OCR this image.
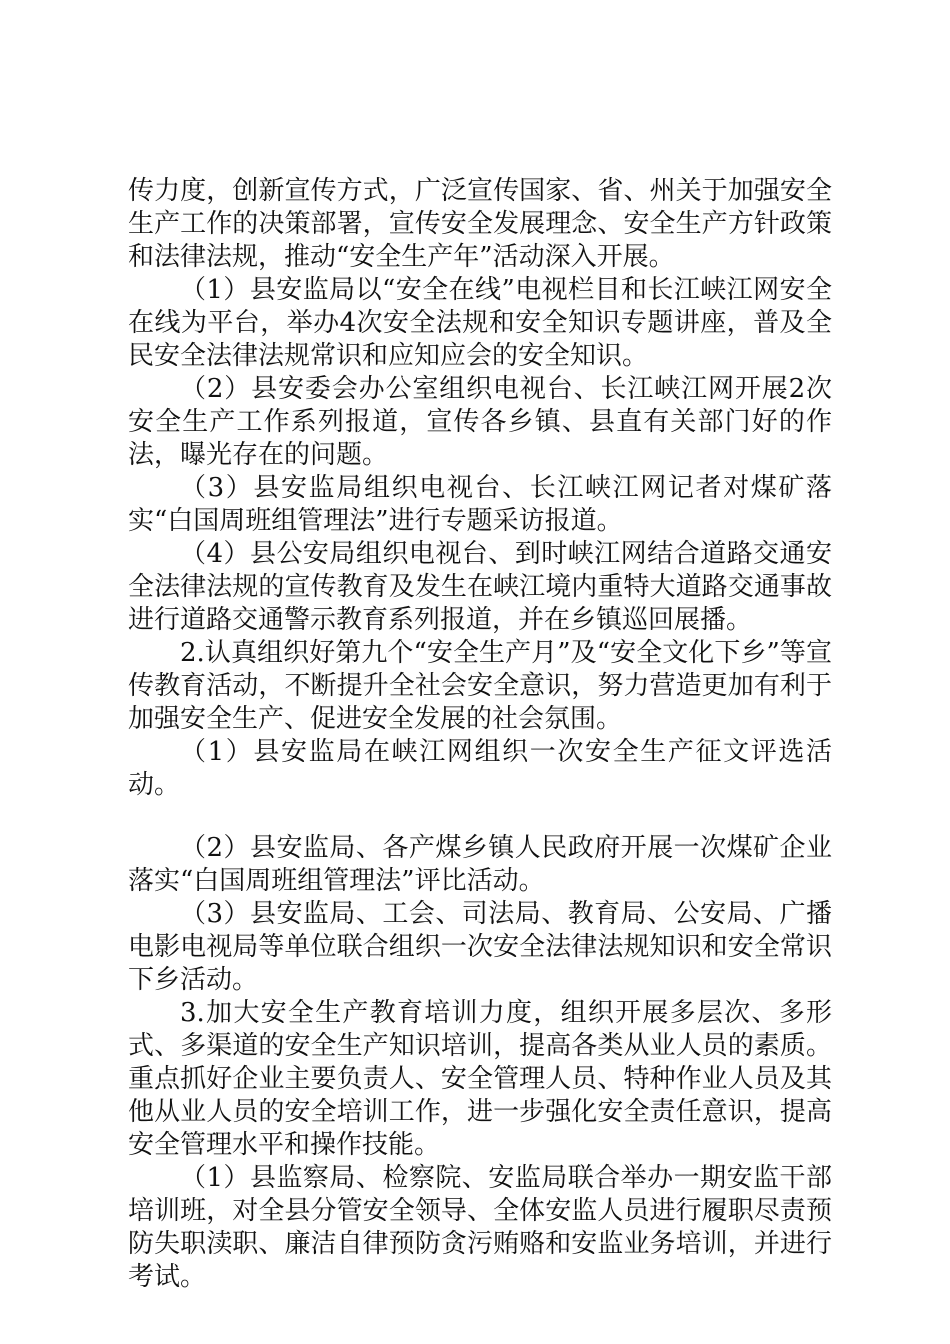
传力度，创新宣传方式，广泛宣传国家、省、州关于加强安全生产工作的决策部署，宣传安全发展理念、安全生产方针政策和法律法规，推动“安全生产年”活动深入开展。

（1）县安监局以“安全在线”电视栏目和长江峡江网安全在线为平台，举办4次安全法规和安全知识专题讲座，普及全民安全法律法规常识和应知应会的安全知识。

（2）县安委会办公室组织电视台、长江峡江网开展2次安全生产工作系列报道，宣传各乡镇、县直有关部门好的作法，曝光存在的问题。

（3）县安监局组织电视台、长江峡江网记者对煤矿落实“白国周班组管理法”进行专题采访报道。

（4）县公安局组织电视台、到时峡江网结合道路交通安全法律法规的宣传教育及发生在峡江境内重特大道路交通事故进行道路交通警示教育系列报道，并在乡镇巡回展播。

2.认真组织好第九个“安全生产月”及“安全文化下乡”等宣传教育活动，不断提升全社会安全意识，努力营造更加有利于加强安全生产、促进安全发展的社会氛围。

（1）县安监局在峡江网组织一次安全生产征文评选活动。

（2）县安监局、各产煤乡镇人民政府开展一次煤矿企业落实“白国周班组管理法”评比活动。

（3）县安监局、工会、司法局、教育局、公安局、广播电影电视局等单位联合组织一次安全法律法规知识和安全常识下乡活动。

3.加大安全生产教育培训力度，组织开展多层次、多形式、多渠道的安全生产知识培训，提高各类从业人员的素质。重点抓好企业主要负责人、安全管理人员、特种作业人员及其他从业人员的安全培训工作，进一步强化安全责任意识，提高安全管理水平和操作技能。

（1）县监察局、检察院、安监局联合举办一期安监干部培训班，对全县分管安全领导、全体安监人员进行履职尽责预防失职渎职、廉洁自律预防贪污贿赂和安监业务培训，并进行考试。
